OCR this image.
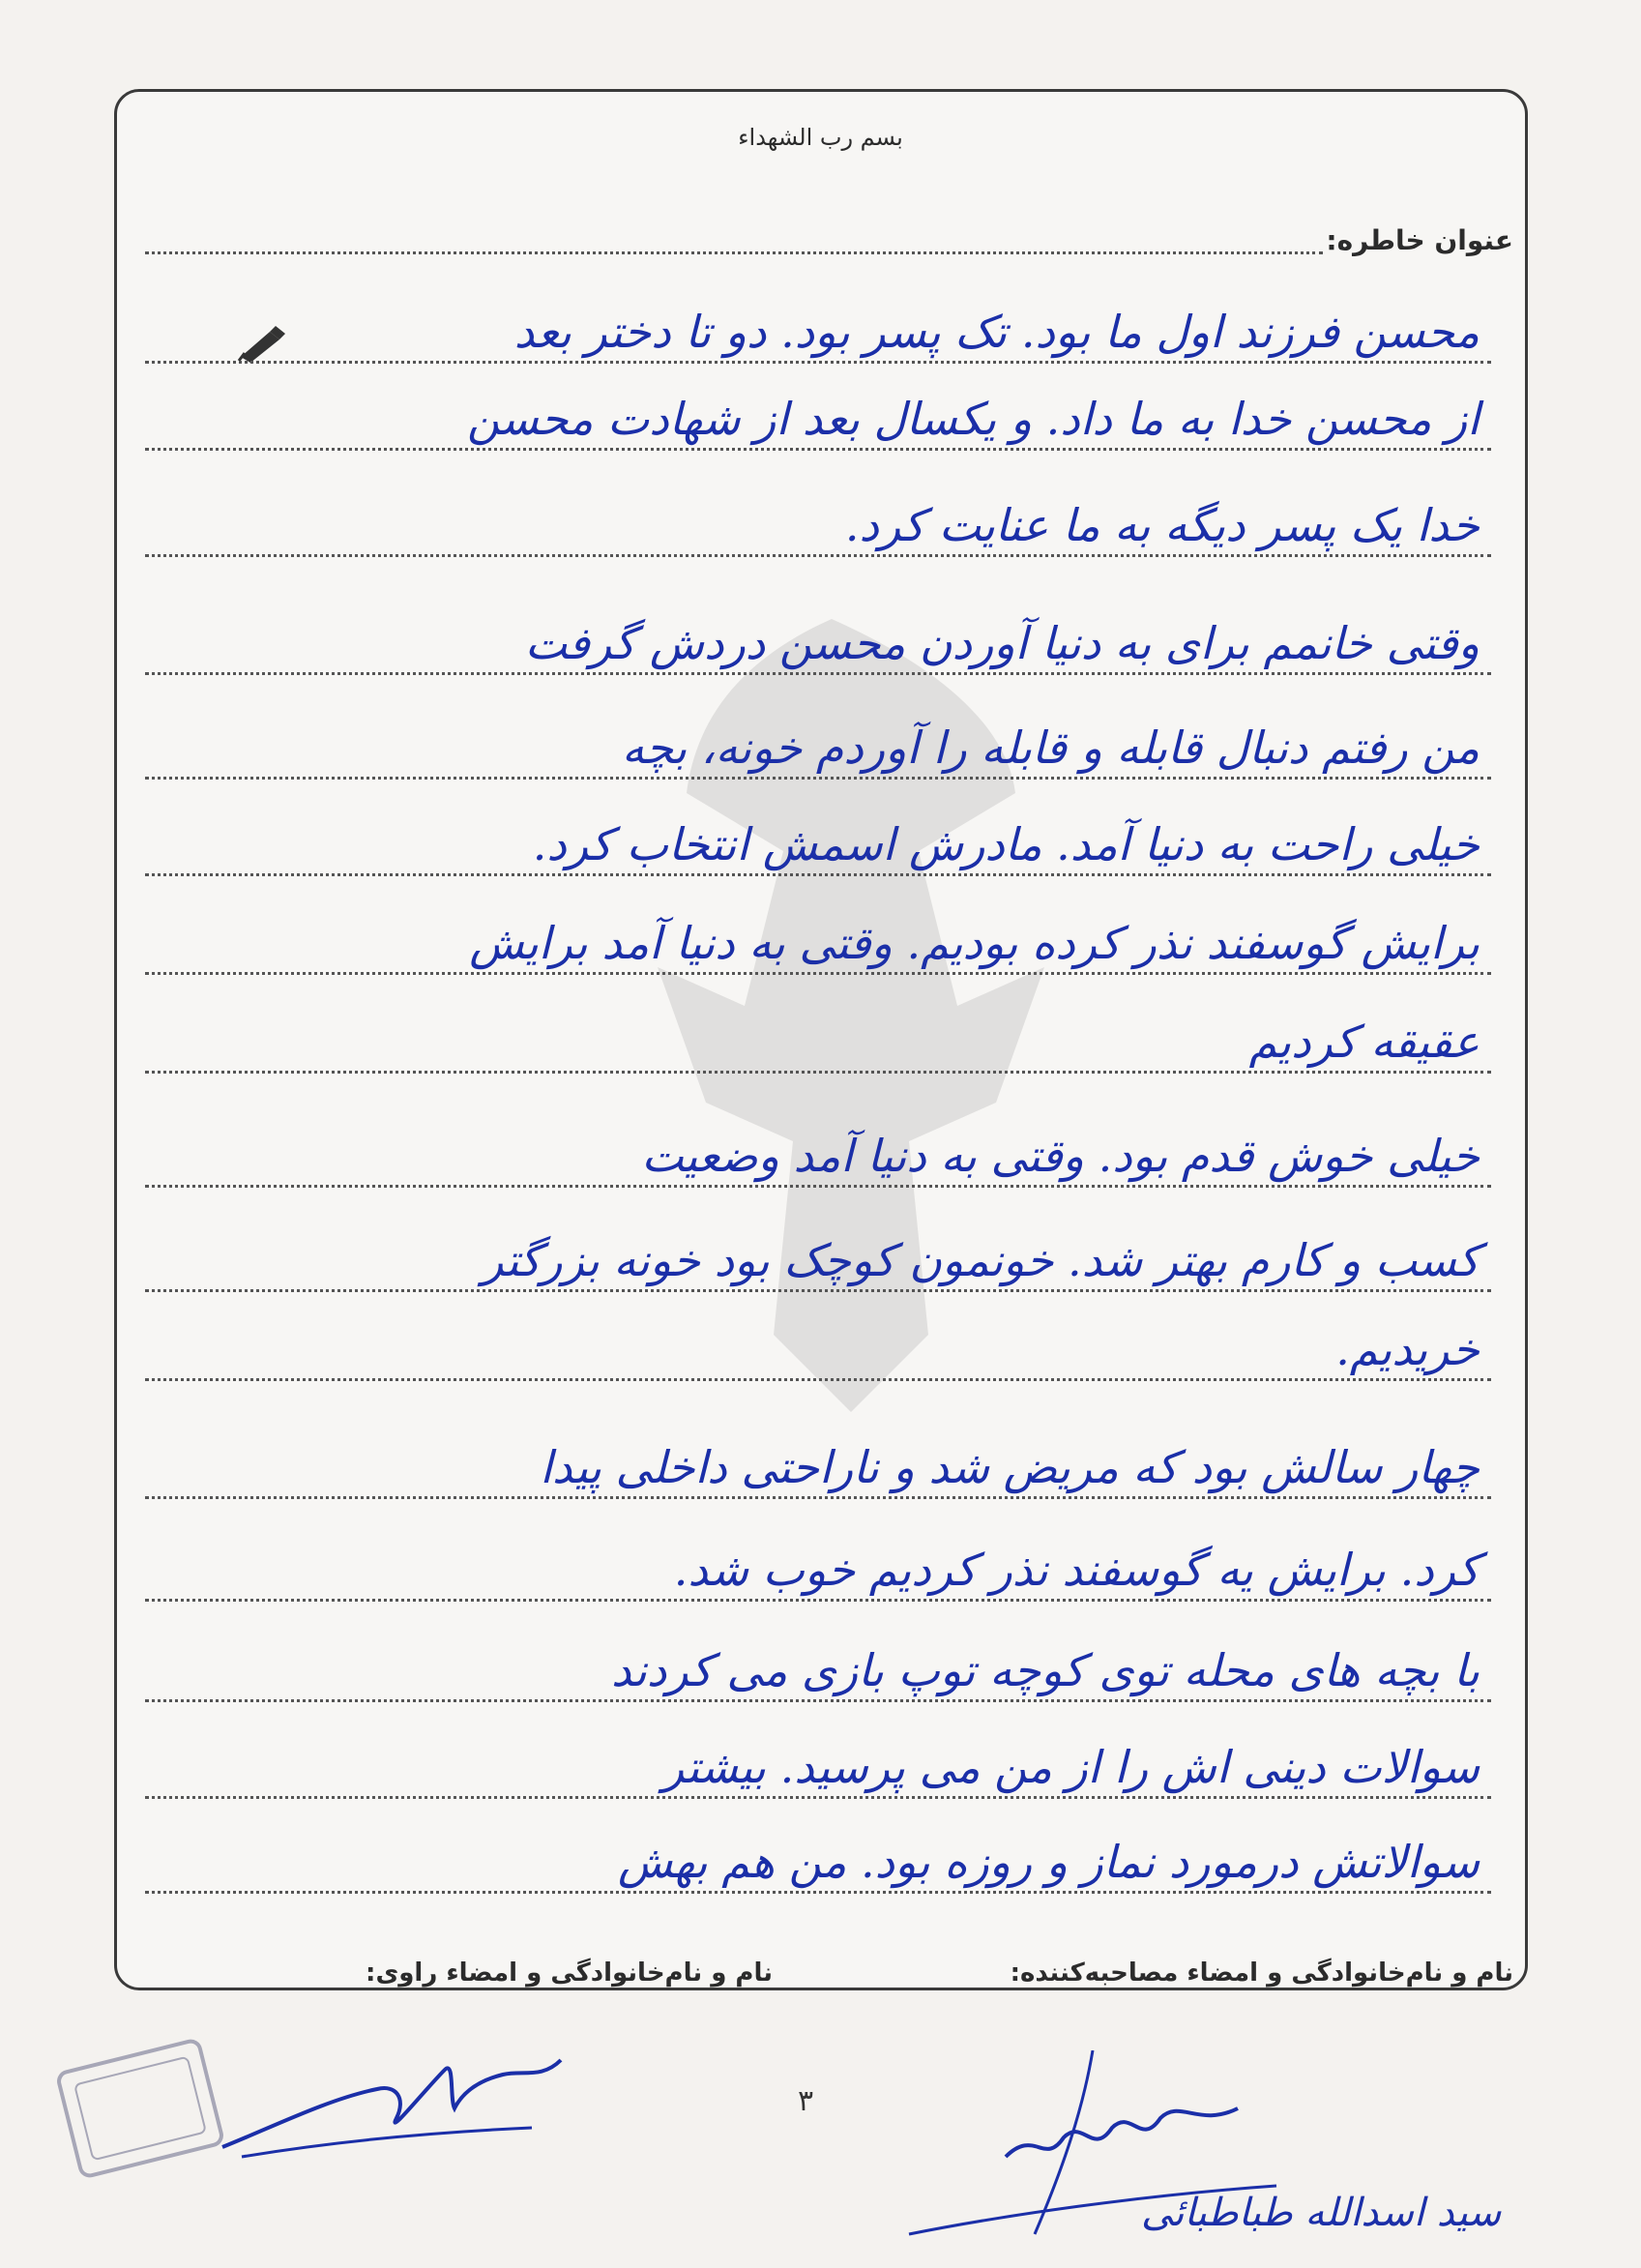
بسم رب الشهداء
عنوان خاطره:
محسن فرزند اول ما بود. تک پسر بود. دو تا دختر بعد
از محسن خدا به ما داد. و یکسال بعد از شهادت محسن
خدا یک پسر دیگه به ما عنایت کرد.
وقتی خانمم برای به دنیا آوردن محسن دردش گرفت
من رفتم دنبال قابله و قابله را آوردم خونه، بچه
خیلی راحت به دنیا آمد. مادرش اسمش انتخاب کرد.
برایش گوسفند نذر کرده بودیم. وقتی به دنیا آمد برایش
عقیقه کردیم
خیلی خوش قدم بود. وقتی به دنیا آمد وضعیت
کسب و کارم بهتر شد. خونمون کوچک بود خونه بزرگتر
خریدیم.
چهار سالش بود که مریض شد و ناراحتی داخلی پیدا
کرد. برایش یه گوسفند نذر کردیم خوب شد.
با بچه های محله توی کوچه توپ بازی می کردند
سوالات دینی اش را از من می پرسید. بیشتر
سوالاتش درمورد نماز و روزه بود. من هم بهش
نام و نام‌خانوادگی و امضاء مصاحبه‌کننده:
نام و نام‌خانوادگی و امضاء راوی:
۳
سید اسدالله طباطبائی
